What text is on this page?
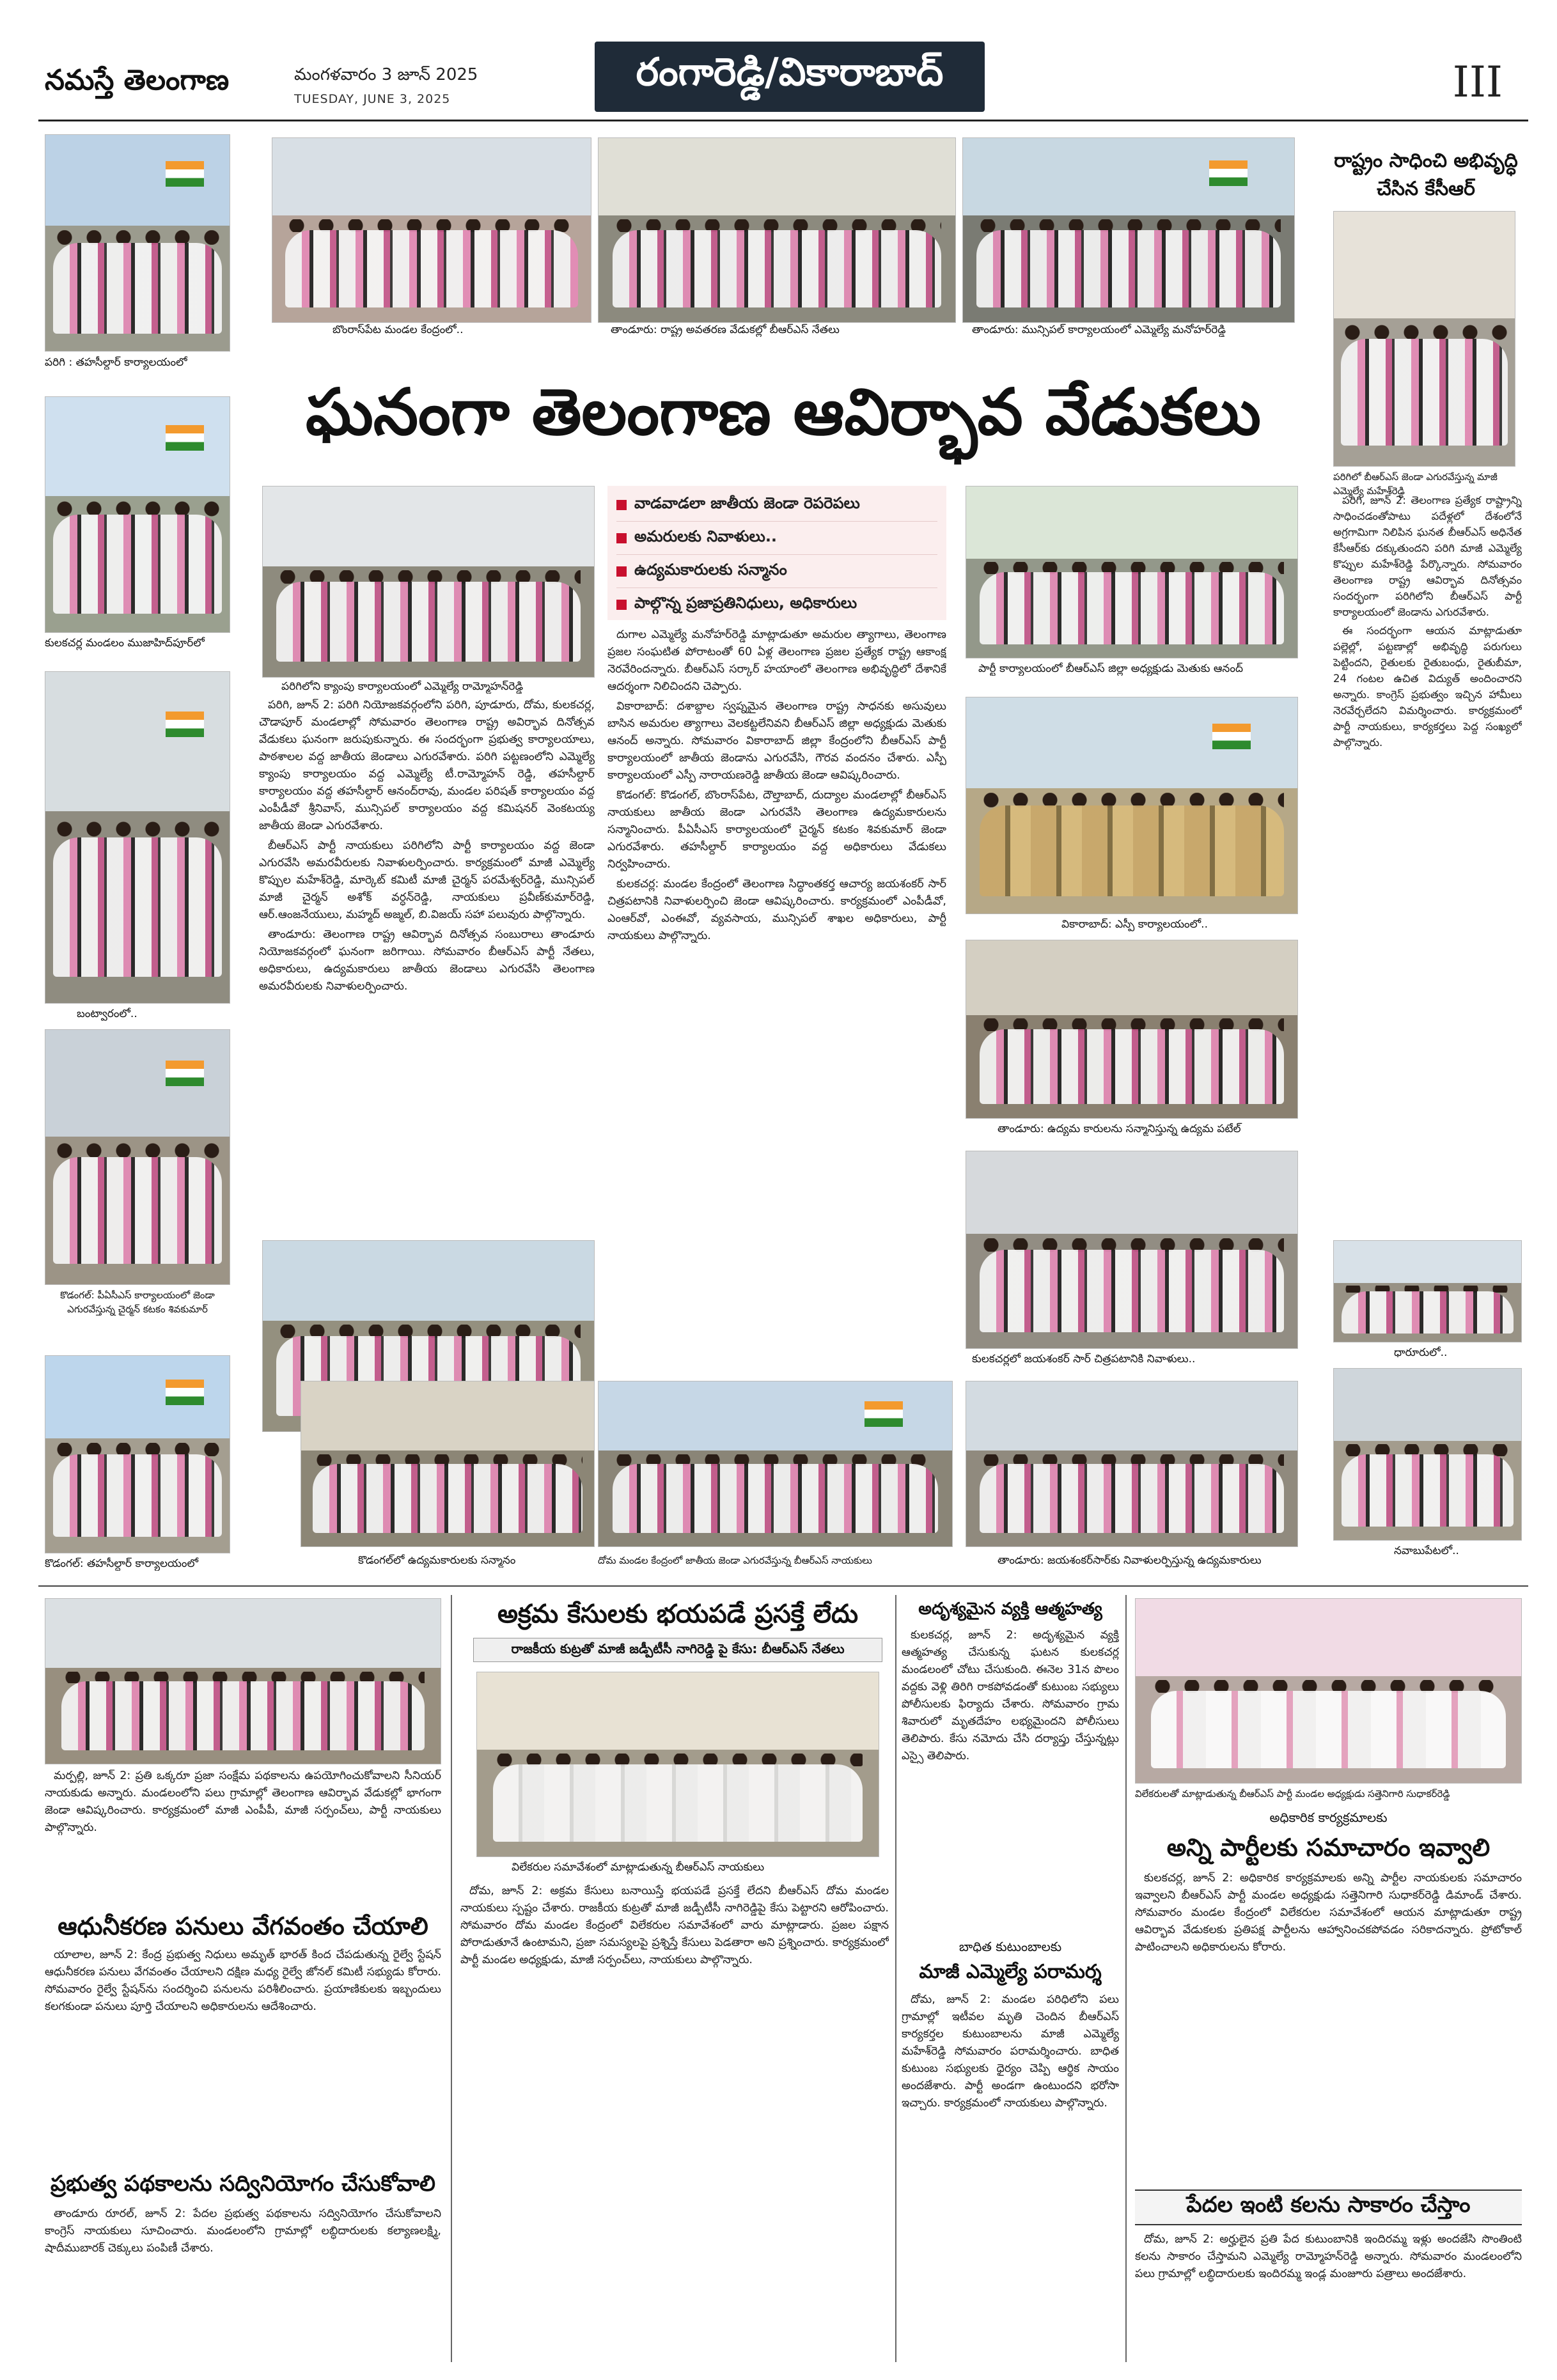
నమస్తే తెలంగాణ	మంగళవారం 3 జూన్ 2025
TUESDAY, JUNE 3, 2025
రంగారెడ్డి/వికారాబాద్	III
పరిగి : తహసీల్దార్ కార్యాలయంలో
బొంరాస్‌పేట మండల కేంద్రంలో..	తాండూరు: రాష్ట్ర అవతరణ వేడుకల్లో బీఆర్‌ఎస్ నేతలు	తాండూరు: మున్సిపల్ కార్యాలయంలో ఎమ్మెల్యే మనోహర్‌రెడ్డి
రాష్ట్రం సాధించి అభివృద్ధి చేసిన కేసీఆర్
పరిగిలో బీఆర్‌ఎస్ జెండా ఎగురవేస్తున్న మాజీ ఎమ్మెల్యే మహేశ్‌రెడ్డి
ఘనంగా తెలంగాణ ఆవిర్భావ వేడుకలు
కులకచర్ల మండలం ముజాహిద్‌పూర్‌లో
బంట్వారంలో..
కొడంగల్: పీఏసీఎస్ కార్యాలయంలో జెండా ఎగురవేస్తున్న చైర్మన్ కటకం శివకుమార్
కొడంగల్: తహసీల్దార్ కార్యాలయంలో
పరిగిలోని క్యాంపు కార్యాలయంలో ఎమ్మెల్యే రామ్మోహన్‌రెడ్డి
వాడవాడలా జాతీయ జెండా రెపరెపలు
అమరులకు నివాళులు..
ఉద్యమకారులకు సన్మానం
పాల్గొన్న ప్రజాప్రతినిధులు, అధికారులు

పరిగి, జూన్ 2: పరిగి నియోజకవర్గంలోని పరిగి, పూడూరు, దోమ, కులకచర్ల, చౌడాపూర్ మండలాల్లో సోమవారం తెలంగాణ రాష్ట్ర అవిర్భావ దినోత్సవ వేడుకలు ఘనంగా జరుపుకున్నారు. ఈ సందర్భంగా ప్రభుత్వ కార్యాలయాలు, పాఠశాలల వద్ద జాతీయ జెండాలు ఎగురవేశారు. పరిగి పట్టణంలోని ఎమ్మెల్యే క్యాంపు కార్యాలయం వద్ద ఎమ్మెల్యే టీ.రామ్మోహన్ రెడ్డి, తహసీల్దార్ కార్యాలయం వద్ద తహసీల్దార్ ఆనంద్‌రావు, మండల పరిషత్ కార్యాలయం వద్ద ఎంపీడీవో శ్రీనివాస్, మున్సిపల్ కార్యాలయం వద్ద కమిషనర్ వెంకటయ్య జాతీయ జెండా ఎగురవేశారు.

బీఆర్‌ఎస్ పార్టీ నాయకులు పరిగిలోని పార్టీ కార్యాలయం వద్ద జెండా ఎగురవేసి అమరవీరులకు నివాళులర్పించారు. కార్యక్రమంలో మాజీ ఎమ్మెల్యే కొప్పుల మహేశ్‌రెడ్డి, మార్కెట్ కమిటీ మాజీ చైర్మన్ పరమేశ్వర్‌రెడ్డి, మున్సిపల్ మాజీ చైర్మన్ అశోక్ వర్ధన్‌రెడ్డి, నాయకులు ప్రవీణ్‌కుమార్‌రెడ్డి, ఆర్.ఆంజనేయులు, మహ్మద్ అజ్మల్, బి.విజయ్ సహా పలువురు పాల్గొన్నారు.

తాండూరు: తెలంగాణ రాష్ట్ర ఆవిర్భావ దినోత్సవ సంబురాలు తాండూరు నియోజకవర్గంలో ఘనంగా జరిగాయి. సోమవారం బీఆర్‌ఎస్ పార్టీ నేతలు, అధికారులు, ఉద్యమకారులు జాతీయ జెండాలు ఎగురవేసి తెలంగాణ అమరవీరులకు నివాళులర్పించారు.

దుగాల ఎమ్మెల్యే మనోహర్‌రెడ్డి మాట్లాడుతూ అమరుల త్యాగాలు, తెలంగాణ ప్రజల సంఘటిత పోరాటంతో 60 ఏళ్ల తెలంగాణ ప్రజల ప్రత్యేక రాష్ట్ర ఆకాంక్ష నెరవేరిందన్నారు. బీఆర్‌ఎస్ సర్కార్ హయాంలో తెలంగాణ అభివృద్ధిలో దేశానికే ఆదర్శంగా నిలిచిందని చెప్పారు.

వికారాబాద్: దశాబ్దాల స్వప్నమైన తెలంగాణ రాష్ట్ర సాధనకు అసువులు బాసిన అమరుల త్యాగాలు వెలకట్టలేనివని బీఆర్‌ఎస్ జిల్లా అధ్యక్షుడు మెతుకు ఆనంద్ అన్నారు. సోమవారం వికారాబాద్ జిల్లా కేంద్రంలోని బీఆర్‌ఎస్ పార్టీ కార్యాలయంలో జాతీయ జెండాను ఎగురవేసి, గౌరవ వందనం చేశారు. ఎస్పీ కార్యాలయంలో ఎస్పీ నారాయణరెడ్డి జాతీయ జెండా ఆవిష్కరించారు.

కొడంగల్: కొడంగల్, బొంరాస్‌పేట, దౌల్తాబాద్, దుద్యాల మండలాల్లో బీఆర్‌ఎస్ నాయకులు జాతీయ జెండా ఎగురవేసి తెలంగాణ ఉద్యమకారులను సన్మానించారు. పీఏసీఎస్ కార్యాలయంలో చైర్మన్ కటకం శివకుమార్ జెండా ఎగురవేశారు. తహసీల్దార్ కార్యాలయం వద్ద అధికారులు వేడుకలు నిర్వహించారు.

కులకచర్ల: మండల కేంద్రంలో తెలంగాణ సిద్ధాంతకర్త ఆచార్య జయశంకర్ సార్ చిత్రపటానికి నివాళులర్పించి జెండా ఆవిష్కరించారు. కార్యక్రమంలో ఎంపీడీవో, ఎంఆర్‌వో, ఎంఈవో, వ్యవసాయ, మున్సిపల్ శాఖల అధికారులు, పార్టీ నాయకులు పాల్గొన్నారు.

పార్టీ కార్యాలయంలో బీఆర్‌ఎస్ జిల్లా అధ్యక్షుడు మెతుకు ఆనంద్
వికారాబాద్: ఎస్పీ కార్యాలయంలో..
తాండూరు: ఉద్యమ కారులను సన్మానిస్తున్న ఉద్యమ పటేల్
కులకచర్లలో జయశంకర్ సార్ చిత్రపటానికి నివాళులు..

పరిగి, జూన్ 2: తెలంగాణ ప్రత్యేక రాష్ట్రాన్ని సాధించడంతోపాటు పదేళ్లలో దేశంలోనే అగ్రగామిగా నిలిపిన ఘనత బీఆర్‌ఎస్ అధినేత కేసీఆర్‌కు దక్కుతుందని పరిగి మాజీ ఎమ్మెల్యే కొప్పుల మహేశ్‌రెడ్డి పేర్కొన్నారు. సోమవారం తెలంగాణ రాష్ట్ర ఆవిర్భావ దినోత్సవం సందర్భంగా పరిగిలోని బీఆర్‌ఎస్ పార్టీ కార్యాలయంలో జెండాను ఎగురవేశారు.

ఈ సందర్భంగా ఆయన మాట్లాడుతూ పల్లెల్లో, పట్టణాల్లో అభివృద్ధి పరుగులు పెట్టిందని, రైతులకు రైతుబంధు, రైతుబీమా, 24 గంటల ఉచిత విద్యుత్ అందించారని అన్నారు. కాంగ్రెస్ ప్రభుత్వం ఇచ్చిన హామీలు నెరవేర్చలేదని విమర్శించారు. కార్యక్రమంలో పార్టీ నాయకులు, కార్యకర్తలు పెద్ద సంఖ్యలో పాల్గొన్నారు.

ధారూరులో..
నవాబుపేటలో..
కొడంగల్‌లో ఉద్యమకారులకు సన్మానం	దోమ మండల కేంద్రంలో జాతీయ జెండా ఎగురవేస్తున్న బీఆర్‌ఎస్ నాయకులు	తాండూరు: జయశంకర్‌సార్‌కు నివాళులర్పిస్తున్న ఉద్యమకారులు

మర్పల్లి, జూన్ 2: ప్రతి ఒక్కరూ ప్రజా సంక్షేమ పథకాలను ఉపయోగించుకోవాలని సీనియర్ నాయకుడు అన్నారు. మండలంలోని పలు గ్రామాల్లో తెలంగాణ ఆవిర్భావ వేడుకల్లో భాగంగా జెండా ఆవిష్కరించారు. కార్యక్రమంలో మాజీ ఎంపీపీ, మాజీ సర్పంచ్‌లు, పార్టీ నాయకులు పాల్గొన్నారు.

ఆధునీకరణ పనులు వేగవంతం చేయాలి

యాలాల, జూన్ 2: కేంద్ర ప్రభుత్వ నిధులు అమృత్ భారత్ కింద చేపడుతున్న రైల్వే స్టేషన్ ఆధునీకరణ పనులు వేగవంతం చేయాలని దక్షిణ మధ్య రైల్వే జోనల్ కమిటీ సభ్యుడు కోరారు. సోమవారం రైల్వే స్టేషన్‌ను సందర్శించి పనులను పరిశీలించారు. ప్రయాణికులకు ఇబ్బందులు కలగకుండా పనులు పూర్తి చేయాలని అధికారులను ఆదేశించారు.

ప్రభుత్వ పథకాలను సద్వినియోగం చేసుకోవాలి

తాండూరు రూరల్, జూన్ 2: పేదల ప్రభుత్వ పథకాలను సద్వినియోగం చేసుకోవాలని కాంగ్రెస్ నాయకులు సూచించారు. మండలంలోని గ్రామాల్లో లబ్ధిదారులకు కల్యాణలక్ష్మి, షాదీముబారక్ చెక్కులు పంపిణీ చేశారు.

అక్రమ కేసులకు భయపడే ప్రసక్తే లేదు
రాజకీయ కుట్రతో మాజీ జడ్పీటీసీ నాగిరెడ్డి పై కేసు: బీఆర్‌ఎస్ నేతలు
విలేకరుల సమావేశంలో మాట్లాడుతున్న బీఆర్‌ఎస్ నాయకులు

దోమ, జూన్ 2: అక్రమ కేసులు బనాయిస్తే భయపడే ప్రసక్తే లేదని బీఆర్‌ఎస్ దోమ మండల నాయకులు స్పష్టం చేశారు. రాజకీయ కుట్రతో మాజీ జడ్పీటీసీ నాగిరెడ్డిపై కేసు పెట్టారని ఆరోపించారు. సోమవారం దోమ మండల కేంద్రంలో విలేకరుల సమావేశంలో వారు మాట్లాడారు. ప్రజల పక్షాన పోరాడుతూనే ఉంటామని, ప్రజా సమస్యలపై ప్రశ్నిస్తే కేసులు పెడతారా అని ప్రశ్నించారు. కార్యక్రమంలో పార్టీ మండల అధ్యక్షుడు, మాజీ సర్పంచ్‌లు, నాయకులు పాల్గొన్నారు.

అదృశ్యమైన వ్యక్తి ఆత్మహత్య

కులకచర్ల, జూన్ 2: అదృశ్యమైన వ్యక్తి ఆత్మహత్య చేసుకున్న ఘటన కులకచర్ల మండలంలో చోటు చేసుకుంది. ఈనెల 31న పొలం వద్దకు వెళ్లి తిరిగి రాకపోవడంతో కుటుంబ సభ్యులు పోలీసులకు ఫిర్యాదు చేశారు. సోమవారం గ్రామ శివారులో మృతదేహం లభ్యమైందని పోలీసులు తెలిపారు. కేసు నమోదు చేసి దర్యాప్తు చేస్తున్నట్లు ఎస్సై తెలిపారు.

బాధిత కుటుంబాలకు
మాజీ ఎమ్మెల్యే పరామర్శ

దోమ, జూన్ 2: మండల పరిధిలోని పలు గ్రామాల్లో ఇటీవల మృతి చెందిన బీఆర్‌ఎస్ కార్యకర్తల కుటుంబాలను మాజీ ఎమ్మెల్యే మహేశ్‌రెడ్డి సోమవారం పరామర్శించారు. బాధిత కుటుంబ సభ్యులకు ధైర్యం చెప్పి ఆర్థిక సాయం అందజేశారు. పార్టీ అండగా ఉంటుందని భరోసా ఇచ్చారు. కార్యక్రమంలో నాయకులు పాల్గొన్నారు.

విలేకరులతో మాట్లాడుతున్న బీఆర్‌ఎస్ పార్టీ మండల అధ్యక్షుడు సత్తెనిగారి సుధాకర్‌రెడ్డి
అధికారిక కార్యక్రమాలకు
అన్ని పార్టీలకు సమాచారం ఇవ్వాలి

కులకచర్ల, జూన్ 2: అధికారిక కార్యక్రమాలకు అన్ని పార్టీల నాయకులకు సమాచారం ఇవ్వాలని బీఆర్‌ఎస్ పార్టీ మండల అధ్యక్షుడు సత్తెనిగారి సుధాకర్‌రెడ్డి డిమాండ్ చేశారు. సోమవారం మండల కేంద్రంలో విలేకరుల సమావేశంలో ఆయన మాట్లాడుతూ రాష్ట్ర ఆవిర్భావ వేడుకలకు ప్రతిపక్ష పార్టీలను ఆహ్వానించకపోవడం సరికాదన్నారు. ప్రోటోకాల్ పాటించాలని అధికారులను కోరారు.

పేదల ఇంటి కలను సాకారం చేస్తాం

దోమ, జూన్ 2: అర్హులైన ప్రతి పేద కుటుంబానికి ఇందిరమ్మ ఇళ్లు అందజేసి సొంతింటి కలను సాకారం చేస్తామని ఎమ్మెల్యే రామ్మోహన్‌రెడ్డి అన్నారు. సోమవారం మండలంలోని పలు గ్రామాల్లో లబ్ధిదారులకు ఇందిరమ్మ ఇండ్ల మంజూరు పత్రాలు అందజేశారు.
